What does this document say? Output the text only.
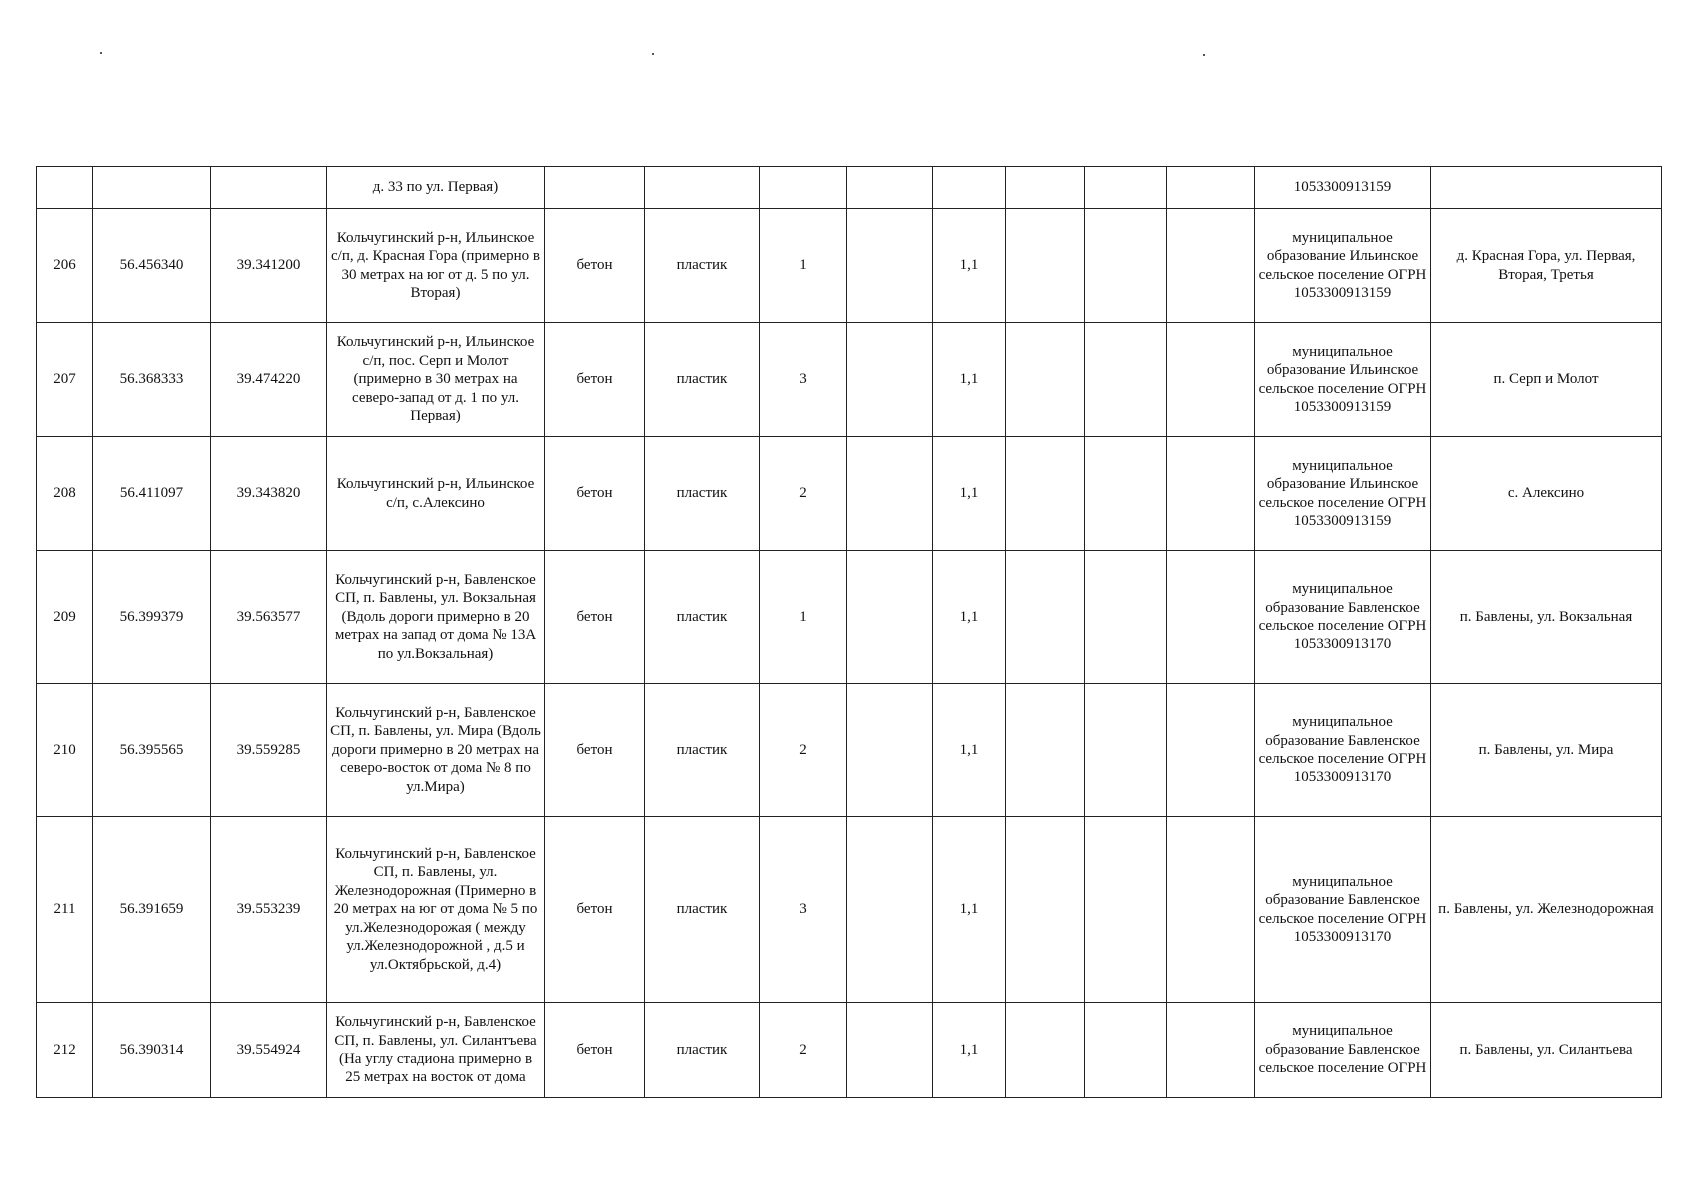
			д. 33 по ул. Первая)									1053300913159	
206	56.456340	39.341200	Кольчугинский р-н, Ильинское с/п, д. Красная Гора (примерно в 30 метрах на юг от д. 5 по ул. Вторая)	бетон	пластик	1		1,1				муниципальное образование Ильинское сельское поселение ОГРН 1053300913159	д. Красная Гора, ул. Первая, Вторая, Третья
207	56.368333	39.474220	Кольчугинский р-н, Ильинское с/п, пос. Серп и Молот (примерно в 30 метрах на северо-запад от д. 1 по ул. Первая)	бетон	пластик	3		1,1				муниципальное образование Ильинское сельское поселение ОГРН 1053300913159	п. Серп и Молот
208	56.411097	39.343820	Кольчугинский р-н, Ильинское с/п, с.Алексино	бетон	пластик	2		1,1				муниципальное образование Ильинское сельское поселение ОГРН 1053300913159	с. Алексино
209	56.399379	39.563577	Кольчугинский р-н, Бавленское СП, п. Бавлены, ул. Вокзальная (Вдоль дороги примерно в 20 метрах на запад от дома № 13А по ул.Вокзальная)	бетон	пластик	1		1,1				муниципальное образование Бавленское сельское поселение ОГРН 1053300913170	п. Бавлены, ул. Вокзальная
210	56.395565	39.559285	Кольчугинский р-н, Бавленское СП, п. Бавлены, ул. Мира (Вдоль дороги примерно в 20 метрах на северо-восток от дома № 8 по ул.Мира)	бетон	пластик	2		1,1				муниципальное образование Бавленское сельское поселение ОГРН 1053300913170	п. Бавлены, ул. Мира
211	56.391659	39.553239	Кольчугинский р-н, Бавленское СП, п. Бавлены, ул. Железнодорожная (Примерно в 20 метрах на юг от дома № 5 по ул.Железнодорожая ( между ул.Железнодорожной , д.5 и ул.Октябрьской, д.4)	бетон	пластик	3		1,1				муниципальное образование Бавленское сельское поселение ОГРН 1053300913170	п. Бавлены, ул. Железнодорожная
212	56.390314	39.554924	Кольчугинский р-н, Бавленское СП, п. Бавлены, ул. Силантъева (На углу стадиона примерно в 25 метрах на восток от дома	бетон	пластик	2		1,1				муниципальное образование Бавленское сельское поселение ОГРН	п. Бавлены, ул. Силантьева
